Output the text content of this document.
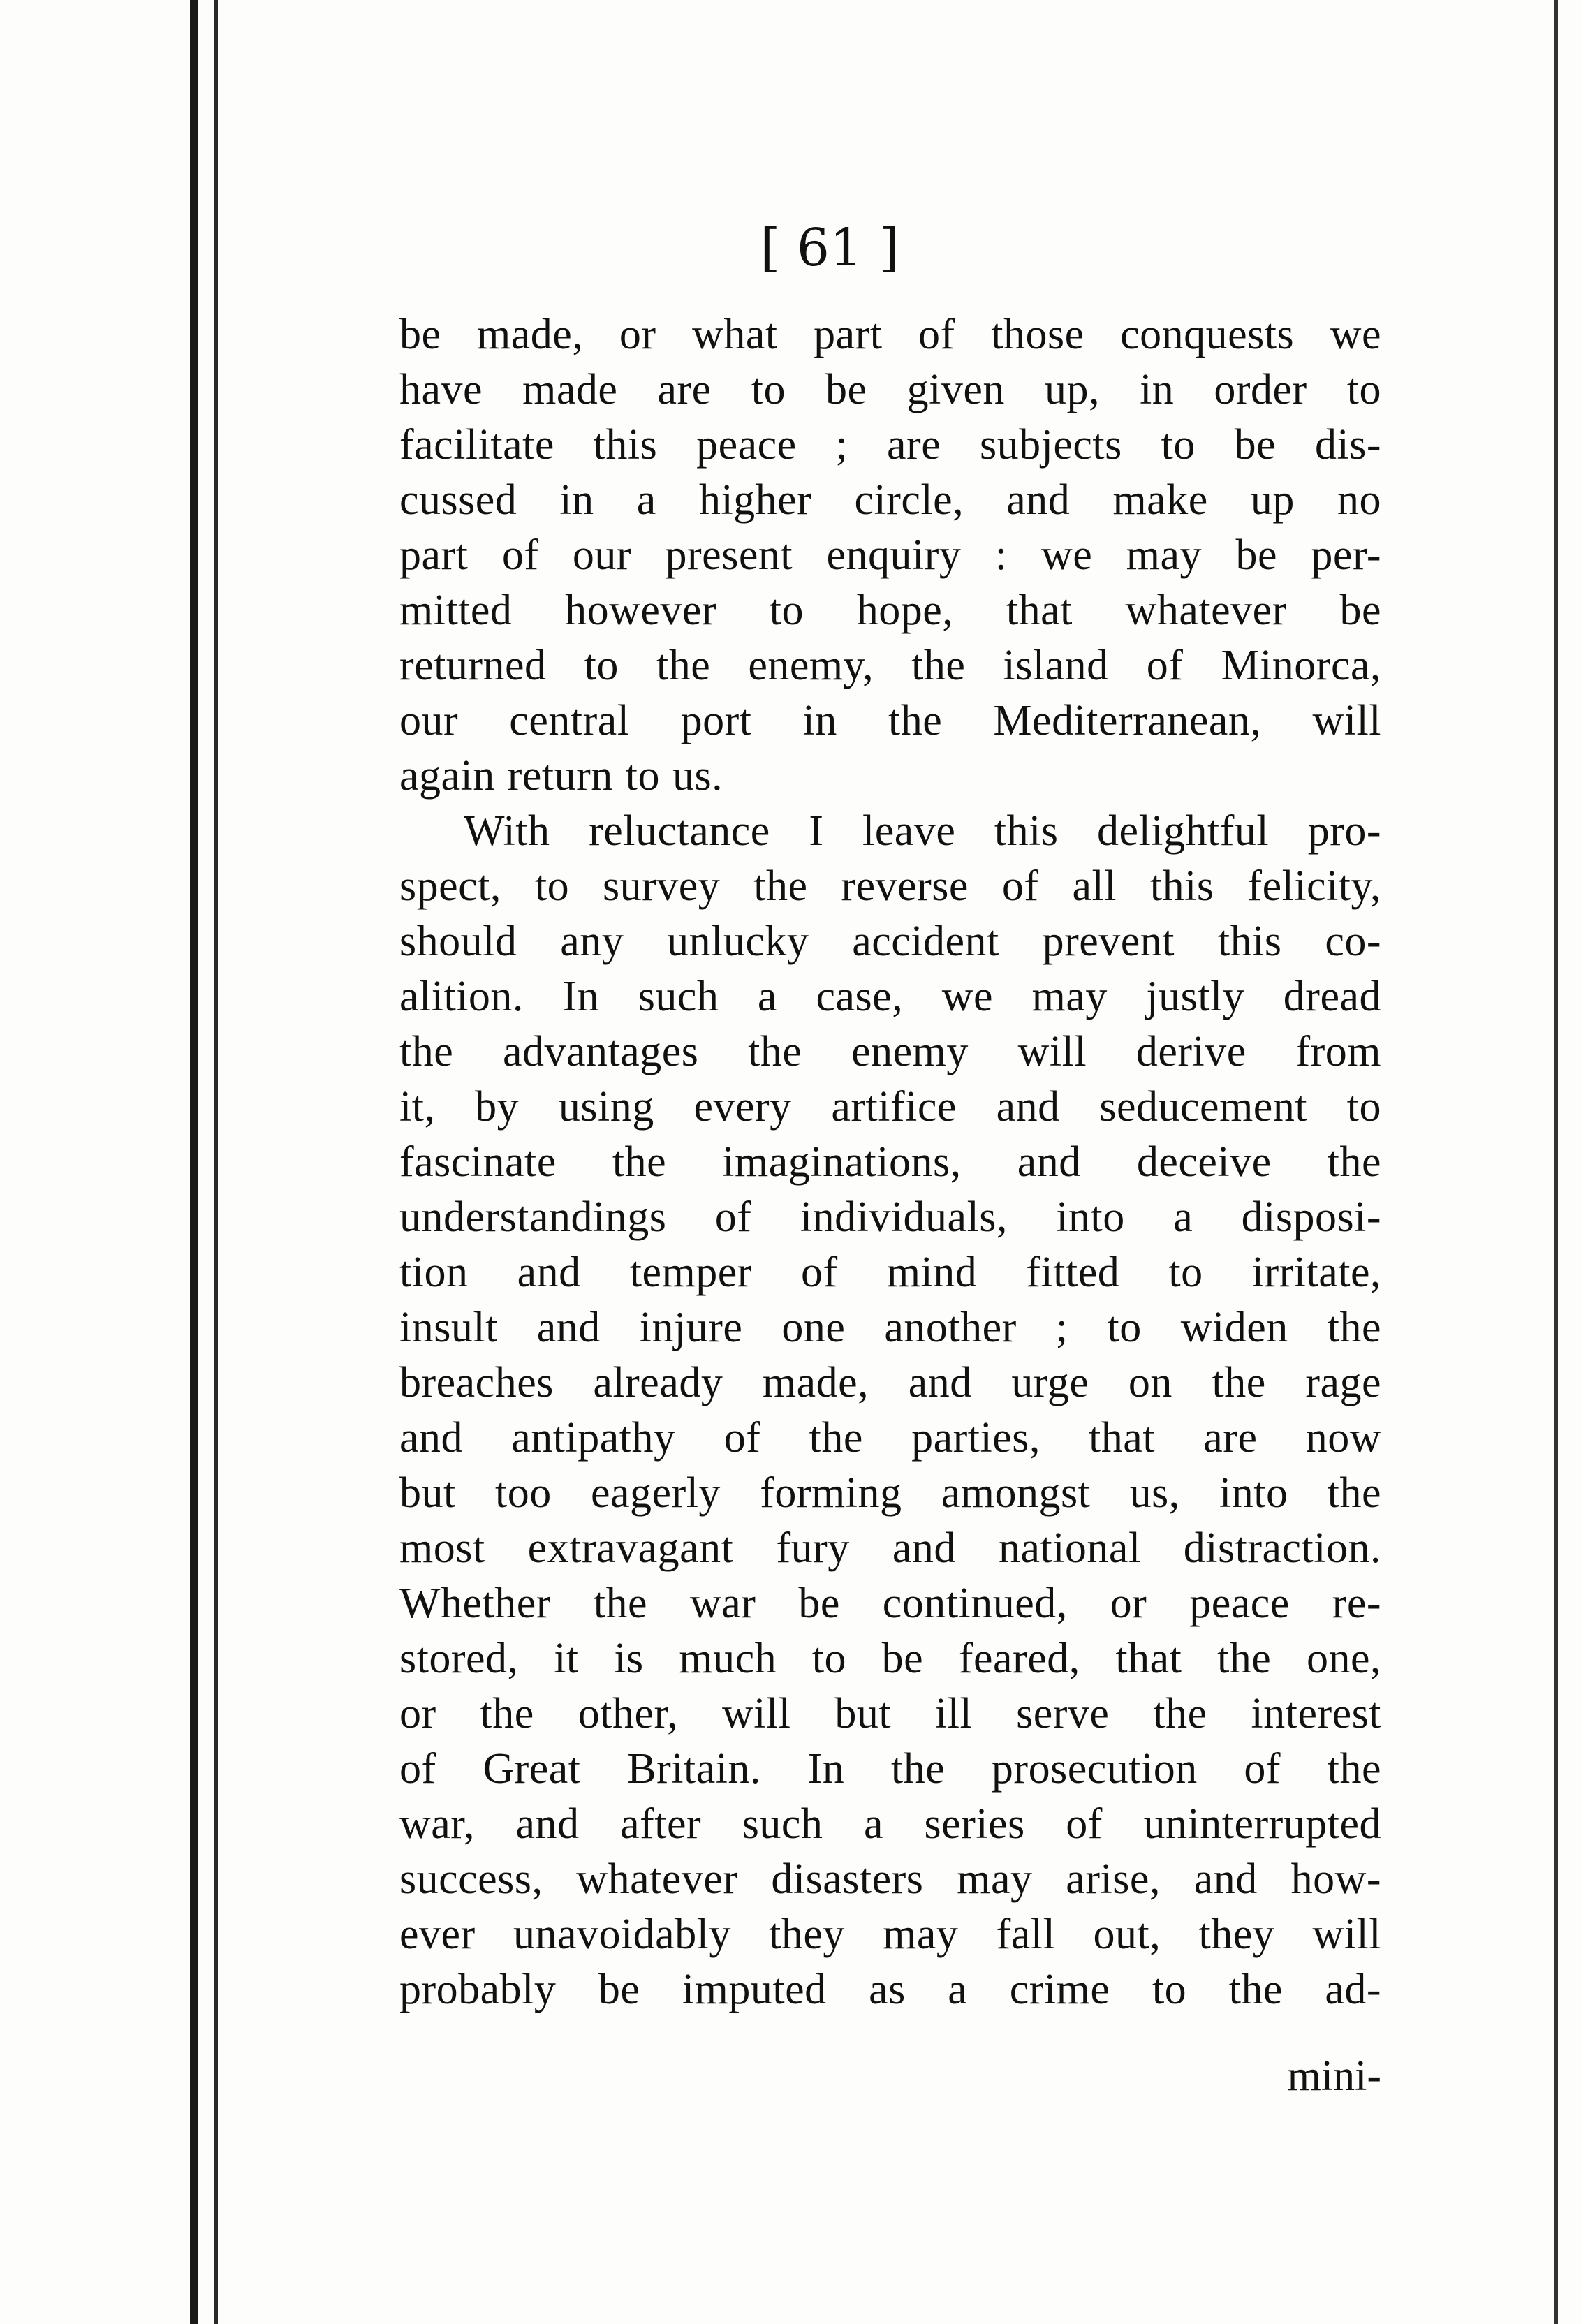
[ 61 ]
be made, or what part of those conquests we
have made are to be given up, in order to
facilitate this peace ; are subjects to be dis-
cussed in a higher circle, and make up no
part of our present enquiry : we may be per-
mitted however to hope, that whatever be
returned to the enemy, the island of Minorca,
our central port in the Mediterranean, will
again return to us.
With reluctance I leave this delightful pro-
spect, to survey the reverse of all this felicity,
should any unlucky accident prevent this co-
alition. In such a case, we may justly dread
the advantages the enemy will derive from
it, by using every artifice and seducement to
fascinate the imaginations, and deceive the
understandings of individuals, into a disposi-
tion and temper of mind fitted to irritate,
insult and injure one another ; to widen the
breaches already made, and urge on the rage
and antipathy of the parties, that are now
but too eagerly forming amongst us, into the
most extravagant fury and national distraction.
Whether the war be continued, or peace re-
stored, it is much to be feared, that the one,
or the other, will but ill serve the interest
of Great Britain. In the prosecution of the
war, and after such a series of uninterrupted
success, whatever disasters may arise, and how-
ever unavoidably they may fall out, they will
probably be imputed as a crime to the ad-
mini-
